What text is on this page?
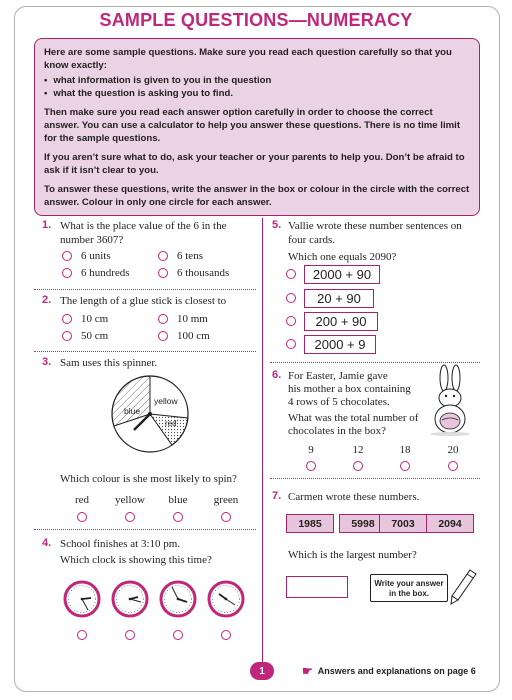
SAMPLE QUESTIONS—NUMERACY

Here are some sample questions. Make sure you read each question carefully so that you know exactly:

• what information is given to you in the question
• what the question is asking you to find.

Then make sure you read each answer option carefully in order to choose the correct answer. You can use a calculator to help you answer these questions. There is no time limit for the sample questions.

If you aren’t sure what to do, ask your teacher or your parents to help you. Don’t be afraid to ask if it isn’t clear to you.

To answer these questions, write the answer in the box or colour in the circle with the correct answer. Colour in only one circle for each answer.

1. What is the place value of the 6 in the
number 3607?
6 units	6 tens
6 hundreds	6 thousands
2. The length of a glue stick is closest to
10 cm	10 mm
50 cm	100 cm
3. Sam uses this spinner.
blue
yellow
red
Which colour is she most likely to spin?
red	yellow	blue	green
4. School finishes at 3:10 pm.
Which clock is showing this time?
5. Vallie wrote these number sentences on
four cards.
Which one equals 2090?
2000 + 90
20 + 90
200 + 90
2000 + 9
6. For Easter, Jamie gave
his mother a box containing
4 rows of 5 chocolates.
What was the total number of
chocolates in the box?
9	12	18	20
7. Carmen wrote these numbers.
1985	5998	7003	2094
Which is the largest number?
Write your answer
in the box.
1	☛ Answers and explanations on page 6
